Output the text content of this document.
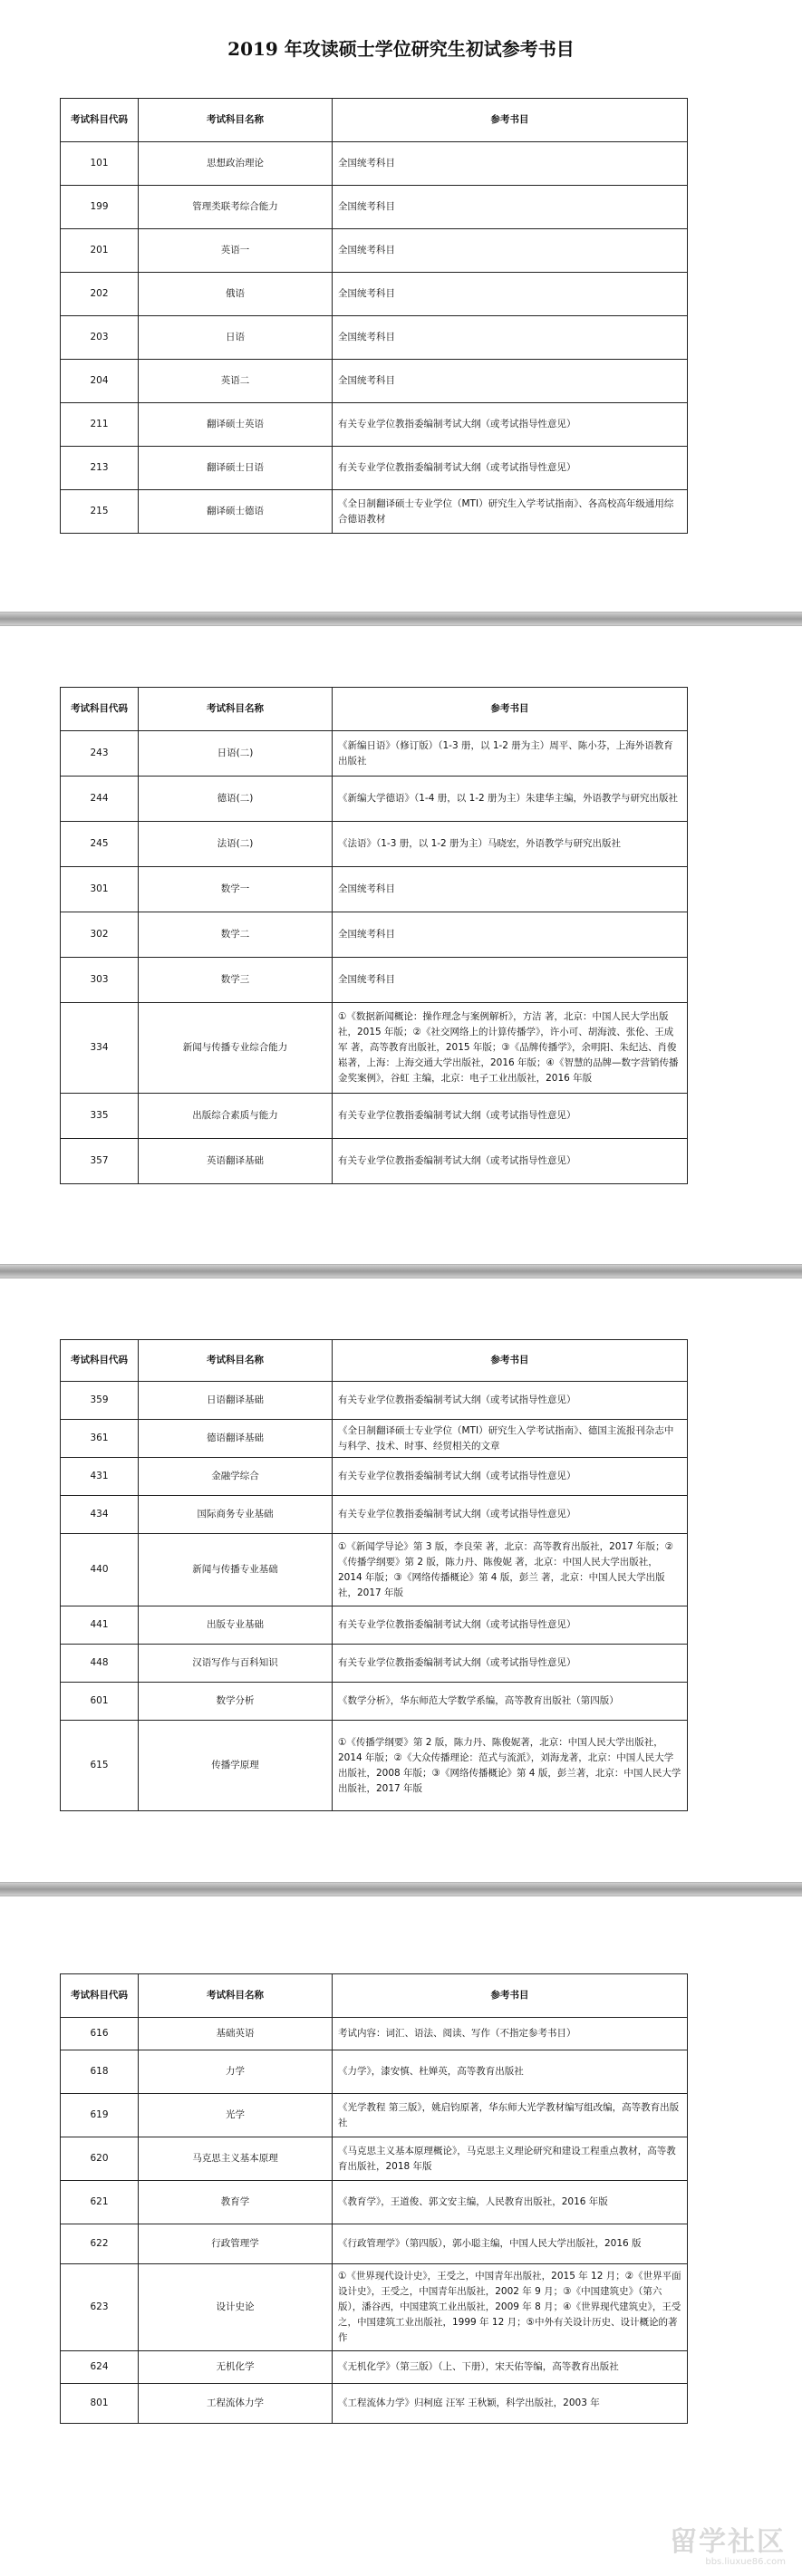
2019 年攻读硕士学位研究生初试参考书目
考试科目代码	考试科目名称	参考书目
101	思想政治理论	全国统考科目
199	管理类联考综合能力	全国统考科目
201	英语一	全国统考科目
202	俄语	全国统考科目
203	日语	全国统考科目
204	英语二	全国统考科目
211	翻译硕士英语	有关专业学位教指委编制考试大纲（或考试指导性意见）
213	翻译硕士日语	有关专业学位教指委编制考试大纲（或考试指导性意见）
215	翻译硕士德语	《全日制翻译硕士专业学位（MTI）研究生入学考试指南》、各高校高年级通用综合德语教材
考试科目代码	考试科目名称	参考书目
243	日语(二)	《新编日语》（修订版）（1-3 册，以 1-2 册为主）周平、陈小芬，上海外语教育出版社
244	德语(二)	《新编大学德语》（1-4 册，以 1-2 册为主）朱建华主编，外语教学与研究出版社
245	法语(二)	《法语》（1-3 册，以 1-2 册为主）马晓宏，外语教学与研究出版社
301	数学一	全国统考科目
302	数学二	全国统考科目
303	数学三	全国统考科目
334	新闻与传播专业综合能力	①《数据新闻概论：操作理念与案例解析》，方洁 著，北京：中国人民大学出版社，2015 年版；②《社交网络上的计算传播学》，许小可、胡海波、张伦、王成军 著，高等教育出版社，2015 年版；③《品牌传播学》，余明阳、朱纪达、肖俊崧著，上海：上海交通大学出版社，2016 年版；④《智慧的品牌—数字营销传播金奖案例》，谷虹 主编，北京：电子工业出版社，2016 年版
335	出版综合素质与能力	有关专业学位教指委编制考试大纲（或考试指导性意见）
357	英语翻译基础	有关专业学位教指委编制考试大纲（或考试指导性意见）
考试科目代码	考试科目名称	参考书目
359	日语翻译基础	有关专业学位教指委编制考试大纲（或考试指导性意见）
361	德语翻译基础	《全日制翻译硕士专业学位（MTI）研究生入学考试指南》、德国主流报刊杂志中与科学、技术、时事、经贸相关的文章
431	金融学综合	有关专业学位教指委编制考试大纲（或考试指导性意见）
434	国际商务专业基础	有关专业学位教指委编制考试大纲（或考试指导性意见）
440	新闻与传播专业基础	①《新闻学导论》第 3 版，李良荣 著，北京：高等教育出版社，2017 年版；②《传播学纲要》第 2 版，陈力丹、陈俊妮 著，北京：中国人民大学出版社，2014 年版；③《网络传播概论》第 4 版，彭兰 著，北京：中国人民大学出版社，2017 年版
441	出版专业基础	有关专业学位教指委编制考试大纲（或考试指导性意见）
448	汉语写作与百科知识	有关专业学位教指委编制考试大纲（或考试指导性意见）
601	数学分析	《数学分析》，华东师范大学数学系编，高等教育出版社（第四版）
615	传播学原理	①《传播学纲要》第 2 版，陈力丹、陈俊妮著，北京：中国人民大学出版社，2014 年版；②《大众传播理论：范式与流派》，刘海龙著，北京：中国人民大学出版社，2008 年版；③《网络传播概论》第 4 版，彭兰著，北京：中国人民大学出版社，2017 年版
考试科目代码	考试科目名称	参考书目
616	基础英语	考试内容：词汇、语法、阅读、写作（不指定参考书目）
618	力学	《力学》，漆安慎、杜婵英，高等教育出版社
619	光学	《光学教程 第三版》，姚启钧原著，华东师大光学教材编写组改编，高等教育出版社
620	马克思主义基本原理	《马克思主义基本原理概论》，马克思主义理论研究和建设工程重点教材，高等教育出版社，2018 年版
621	教育学	《教育学》，王道俊、郭文安主编，人民教育出版社，2016 年版
622	行政管理学	《行政管理学》（第四版），郭小聪主编，中国人民大学出版社，2016 版
623	设计史论	①《世界现代设计史》，王受之，中国青年出版社，2015 年 12 月；②《世界平面设计史》，王受之，中国青年出版社，2002 年 9 月；③《中国建筑史》（第六版），潘谷西，中国建筑工业出版社，2009 年 8 月；④《世界现代建筑史》，王受之，中国建筑工业出版社，1999 年 12 月；⑤中外有关设计历史、设计概论的著作
624	无机化学	《无机化学》（第三版）（上、下册），宋天佑等编，高等教育出版社
801	工程流体力学	《工程流体力学》归柯庭 汪军 王秋颖，科学出版社，2003 年
留学社区
bbs.liuxue86.com
